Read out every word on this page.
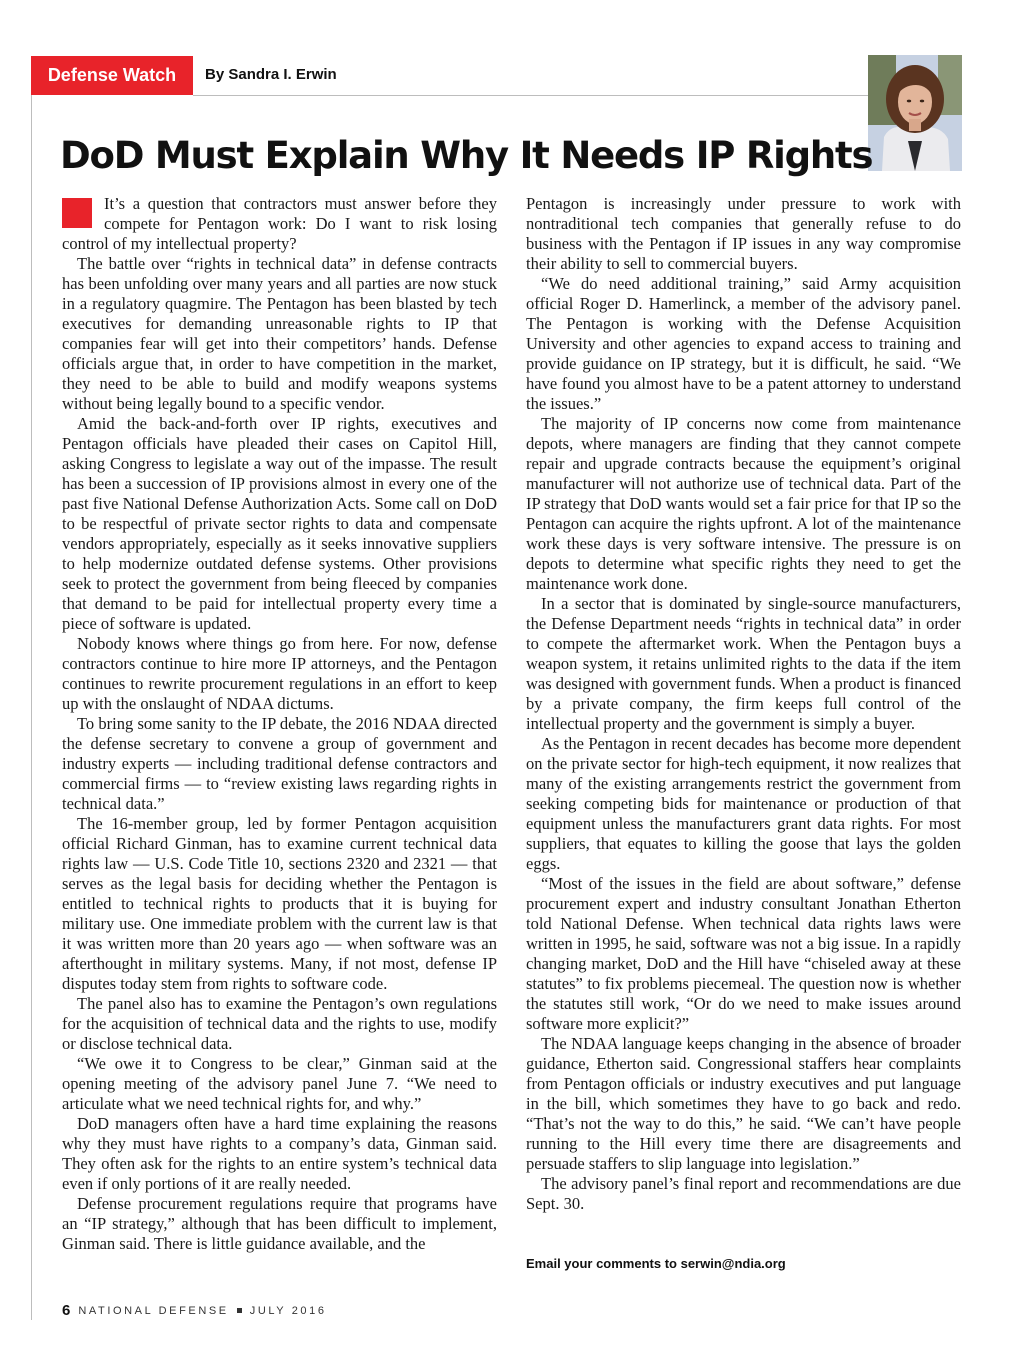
Defense Watch	By Sandra I. Erwin
DoD Must Explain Why It Needs IP Rights

It’s a question that contractors must answer before they compete for Pentagon work: Do I want to risk losing control of my intellectual property?

The battle over “rights in technical data” in defense contracts has been unfolding over many years and all parties are now stuck in a regulatory quagmire. The Pentagon has been blasted by tech executives for demanding unreasonable rights to IP that companies fear will get into their competitors’ hands. Defense officials argue that, in order to have competition in the market, they need to be able to build and modify weapons systems without being legally bound to a specific vendor.

Amid the back-and-forth over IP rights, executives and Pentagon officials have pleaded their cases on Capitol Hill, asking Congress to legislate a way out of the impasse. The result has been a succession of IP provisions almost in every one of the past five National Defense Authorization Acts. Some call on DoD to be respectful of private sector rights to data and compensate vendors appropriately, especially as it seeks innovative suppliers to help modernize outdated defense systems. Other provisions seek to protect the government from being fleeced by companies that demand to be paid for intellectual property every time a piece of software is updated.

Nobody knows where things go from here. For now, defense contractors continue to hire more IP attorneys, and the Pentagon continues to rewrite procurement regulations in an effort to keep up with the onslaught of NDAA dictums.

To bring some sanity to the IP debate, the 2016 NDAA directed the defense secretary to convene a group of government and industry experts — including traditional defense contractors and commercial firms — to “review existing laws regarding rights in technical data.”

The 16-member group, led by former Pentagon acquisition official Richard Ginman, has to examine current technical data rights law — U.S. Code Title 10, sections 2320 and 2321 — that serves as the legal basis for deciding whether the Pentagon is entitled to technical rights to products that it is buying for military use. One immediate problem with the current law is that it was written more than 20 years ago — when software was an afterthought in military systems. Many, if not most, defense IP disputes today stem from rights to software code.

The panel also has to examine the Pentagon’s own regulations for the acquisition of technical data and the rights to use, modify or disclose technical data.

“We owe it to Congress to be clear,” Ginman said at the opening meeting of the advisory panel June 7. “We need to articulate what we need technical rights for, and why.”

DoD managers often have a hard time explaining the reasons why they must have rights to a company’s data, Ginman said. They often ask for the rights to an entire system’s technical data even if only portions of it are really needed.

Defense procurement regulations require that programs have an “IP strategy,” although that has been difficult to implement, Ginman said. There is little guidance available, and the

Pentagon is increasingly under pressure to work with nontraditional tech companies that generally refuse to do business with the Pentagon if IP issues in any way compromise their ability to sell to commercial buyers.

“We do need additional training,” said Army acquisition official Roger D. Hamerlinck, a member of the advisory panel. The Pentagon is working with the Defense Acquisition University and other agencies to expand access to training and provide guidance on IP strategy, but it is difficult, he said. “We have found you almost have to be a patent attorney to understand the issues.”

The majority of IP concerns now come from maintenance depots, where managers are finding that they cannot compete repair and upgrade contracts because the equipment’s original manufacturer will not authorize use of technical data. Part of the IP strategy that DoD wants would set a fair price for that IP so the Pentagon can acquire the rights upfront. A lot of the maintenance work these days is very software intensive. The pressure is on depots to determine what specific rights they need to get the maintenance work done.

In a sector that is dominated by single-source manufacturers, the Defense Department needs “rights in technical data” in order to compete the aftermarket work. When the Pentagon buys a weapon system, it retains unlimited rights to the data if the item was designed with government funds. When a product is financed by a private company, the firm keeps full control of the intellectual property and the government is simply a buyer.

As the Pentagon in recent decades has become more dependent on the private sector for high-tech equipment, it now realizes that many of the existing arrangements restrict the government from seeking competing bids for maintenance or production of that equipment unless the manufacturers grant data rights. For most suppliers, that equates to killing the goose that lays the golden eggs.

“Most of the issues in the field are about software,” defense procurement expert and industry consultant Jonathan Etherton told National Defense. When technical data rights laws were written in 1995, he said, software was not a big issue. In a rapidly changing market, DoD and the Hill have “chiseled away at these statutes” to fix problems piecemeal. The question now is whether the statutes still work, “Or do we need to make issues around software more explicit?”

The NDAA language keeps changing in the absence of broader guidance, Etherton said. Congressional staffers hear complaints from Pentagon officials or industry executives and put language in the bill, which sometimes they have to go back and redo. “That’s not the way to do this,” he said. “We can’t have people running to the Hill every time there are disagreements and persuade staffers to slip language into legislation.”

The advisory panel’s final report and recommendations are due Sept. 30.

Email your comments to serwin@ndia.org
6 NATIONAL DEFENSE JULY 2016
